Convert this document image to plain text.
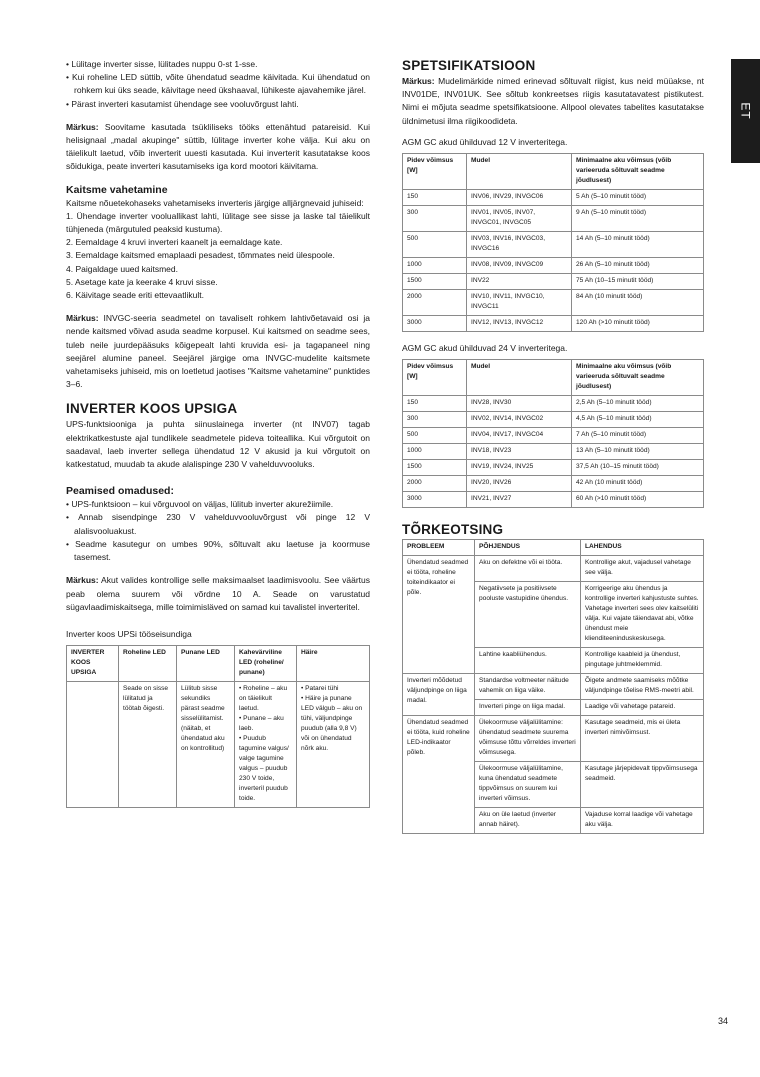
ET
• Lülitage inverter sisse, lülitades nuppu 0-st 1-sse.
• Kui roheline LED süttib, võite ühendatud seadme käivitada. Kui ühendatud on rohkem kui üks seade, käivitage need ükshaaval, lühikeste ajavahemike järel.
• Pärast inverteri kasutamist ühendage see vooluvõrgust lahti.

Märkus: Soovitame kasutada tsükliliseks tööks ettenähtud patareisid. Kui helisignaal „madal akupinge" süttib, lülitage inverter kohe välja. Kui aku on täielikult laetud, võib inverterit uuesti kasutada. Kui inverterit kasutatakse koos sõidukiga, peate inverteri kasutamiseks iga kord mootori käivitama.

Kaitsme vahetamine

Kaitsme nõuetekohaseks vahetamiseks inverteris järgige alljärgnevaid juhiseid:

1. Ühendage inverter vooluallikast lahti, lülitage see sisse ja laske tal täielikult tühjeneda (märgutuled peaksid kustuma).
2. Eemaldage 4 kruvi inverteri kaanelt ja eemaldage kate.
3. Eemaldage kaitsmed emaplaadi pesadest, tõmmates neid ülespoole.
4. Paigaldage uued kaitsmed.
5. Asetage kate ja keerake 4 kruvi sisse.
6. Käivitage seade eriti ettevaatlikult.

Märkus: INVGC-seeria seadmetel on tavaliselt rohkem lahtivõetavaid osi ja nende kaitsmed võivad asuda seadme korpusel. Kui kaitsmed on seadme sees, tuleb neile juurdepääsuks kõigepealt lahti kruvida esi- ja tagapaneel ning seejärel alumine paneel. Seejärel järgige oma INVGC-mudelite kaitsmete vahetamiseks juhiseid, mis on loetletud jaotises "Kaitsme vahetamine" punktides 3–6.

INVERTER KOOS UPSIGA

UPS-funktsiooniga ja puhta siinuslainega inverter (nt INV07) tagab elektrikatkestuste ajal tundlikele seadmetele pideva toiteallika. Kui võrgutoit on saadaval, laeb inverter sellega ühendatud 12 V akusid ja kui võrgutoit on katkestatud, muudab ta akude alalispinge 230 V vahelduvvooluks.

Peamised omadused:
• UPS-funktsioon – kui võrguvool on väljas, lülitub inverter akurežiimile.
• Annab sisendpinge 230 V vahelduvvooluvõrgust või pinge 12 V alalisvooluakust.
• Seadme kasutegur on umbes 90%, sõltuvalt aku laetuse ja koormuse tasemest.

Märkus: Akut valides kontrollige selle maksimaalset laadimisvoolu. See väärtus peab olema suurem või võrdne 10 A. Seade on varustatud sügavlaadimiskaitsega, mille toimimisläved on samad kui tavalistel inverteritel.

Inverter koos UPSi tööseisundiga

INVERTER KOOS UPSIGA	Roheline LED	Punane LED	Kahevärviline LED (roheline/ punane)	Häire
	Seade on sisse lülitatud ja töötab õigesti.	Lülitub sisse sekundiks pärast seadme sisselülitamist. (näitab, et ühendatud aku on kontrollitud)	• Roheline – aku on täielikult laetud.
• Punane – aku laeb.
• Puudub tagumine valgus/ valge tagumine valgus – puudub 230 V toide, inverteril puudub toide.	• Patarei tühi
• Häire ja punane LED välgub – aku on tühi, väljundpinge puudub (alla 9,8 V) või on ühendatud nõrk aku.
SPETSIFIKATSIOON

Märkus: Mudelimärkide nimed erinevad sõltuvalt riigist, kus neid müüakse, nt INV01DE, INV01UK. See sõltub konkreetses riigis kasutatavatest pistikutest. Nimi ei mõjuta seadme spetsifikatsioone. Allpool olevates tabelites kasutatakse üldnimetusi ilma riigikoodideta.

AGM GC akud ühilduvad 12 V inverteritega.

Pidev võimsus [W]	Mudel	Minimaalne aku võimsus (võib varieeruda sõltuvalt seadme jõudlusest)
150	INV06, INV29, INVGC06	5 Ah (5–10 minutit tööd)
300	INV01, INV05, INV07, INVGC01, INVGC05	9 Ah (5–10 minutit tööd)
500	INV03, INV16, INVGC03, INVGC16	14 Ah (5–10 minutit tööd)
1000	INV08, INV09, INVGC09	26 Ah (5–10 minutit tööd)
1500	INV22	75 Ah (10–15 minutit tööd)
2000	INV10, INV11, INVGC10, INVGC11	84 Ah (10 minutit tööd)
3000	INV12, INV13, INVGC12	120 Ah (>10 minutit tööd)

AGM GC akud ühilduvad 24 V inverteritega.

Pidev võimsus [W]	Mudel	Minimaalne aku võimsus (võib varieeruda sõltuvalt seadme jõudlusest)
150	INV28, INV30	2,5 Ah (5–10 minutit tööd)
300	INV02, INV14, INVGC02	4,5 Ah (5–10 minutit tööd)
500	INV04, INV17, INVGC04	7 Ah (5–10 minutit tööd)
1000	INV18, INV23	13 Ah (5–10 minutit tööd)
1500	INV19, INV24, INV25	37,5 Ah (10–15 minutit tööd)
2000	INV20, INV26	42 Ah (10 minutit tööd)
3000	INV21, INV27	60 Ah (>10 minutit tööd)
TÕRKEOTSING
PROBLEEM	PÕHJENDUS	LAHENDUS
Ühendatud seadmed ei tööta, roheline toiteindikaator ei põle.	Aku on defektne või ei tööta.	Kontrollige akut, vajadusel vahetage see välja.
	Negatiivsete ja positiivsete pooluste vastupidine ühendus.	Korrigeerige aku ühendus ja kontrollige inverteri kahjustuste suhtes. Vahetage inverteri sees olev kaitselüliti välja. Kui vajate täiendavat abi, võtke ühendust meie klienditeeninduskeskusega.
	Lahtine kaabliühendus.	Kontrollige kaableid ja ühendust, pingutage juhtmeklemmid.
Inverteri mõõdetud väljundpinge on liiga madal.	Standardse voltmeeter näitude vahemik on liiga väike.	Õigete andmete saamiseks mõõtke väljundpinge tõelise RMS-meetri abil.
	Inverteri pinge on liiga madal.	Laadige või vahetage patareid.
Ühendatud seadmed ei tööta, kuid roheline LED-indikaator põleb.	Ülekoormuse väljalülitamine: ühendatud seadmete suurema võimsuse tõttu võrreldes inverteri võimsusega.	Kasutage seadmeid, mis ei ületa inverteri nimivõimsust.
	Ülekoormuse väljalülitamine, kuna ühendatud seadmete tippvõimsus on suurem kui inverteri võimsus.	Kasutage järjepidevalt tippvõimsusega seadmeid.
	Aku on üle laetud (inverter annab häiret).	Vajaduse korral laadige või vahetage aku välja.
34
